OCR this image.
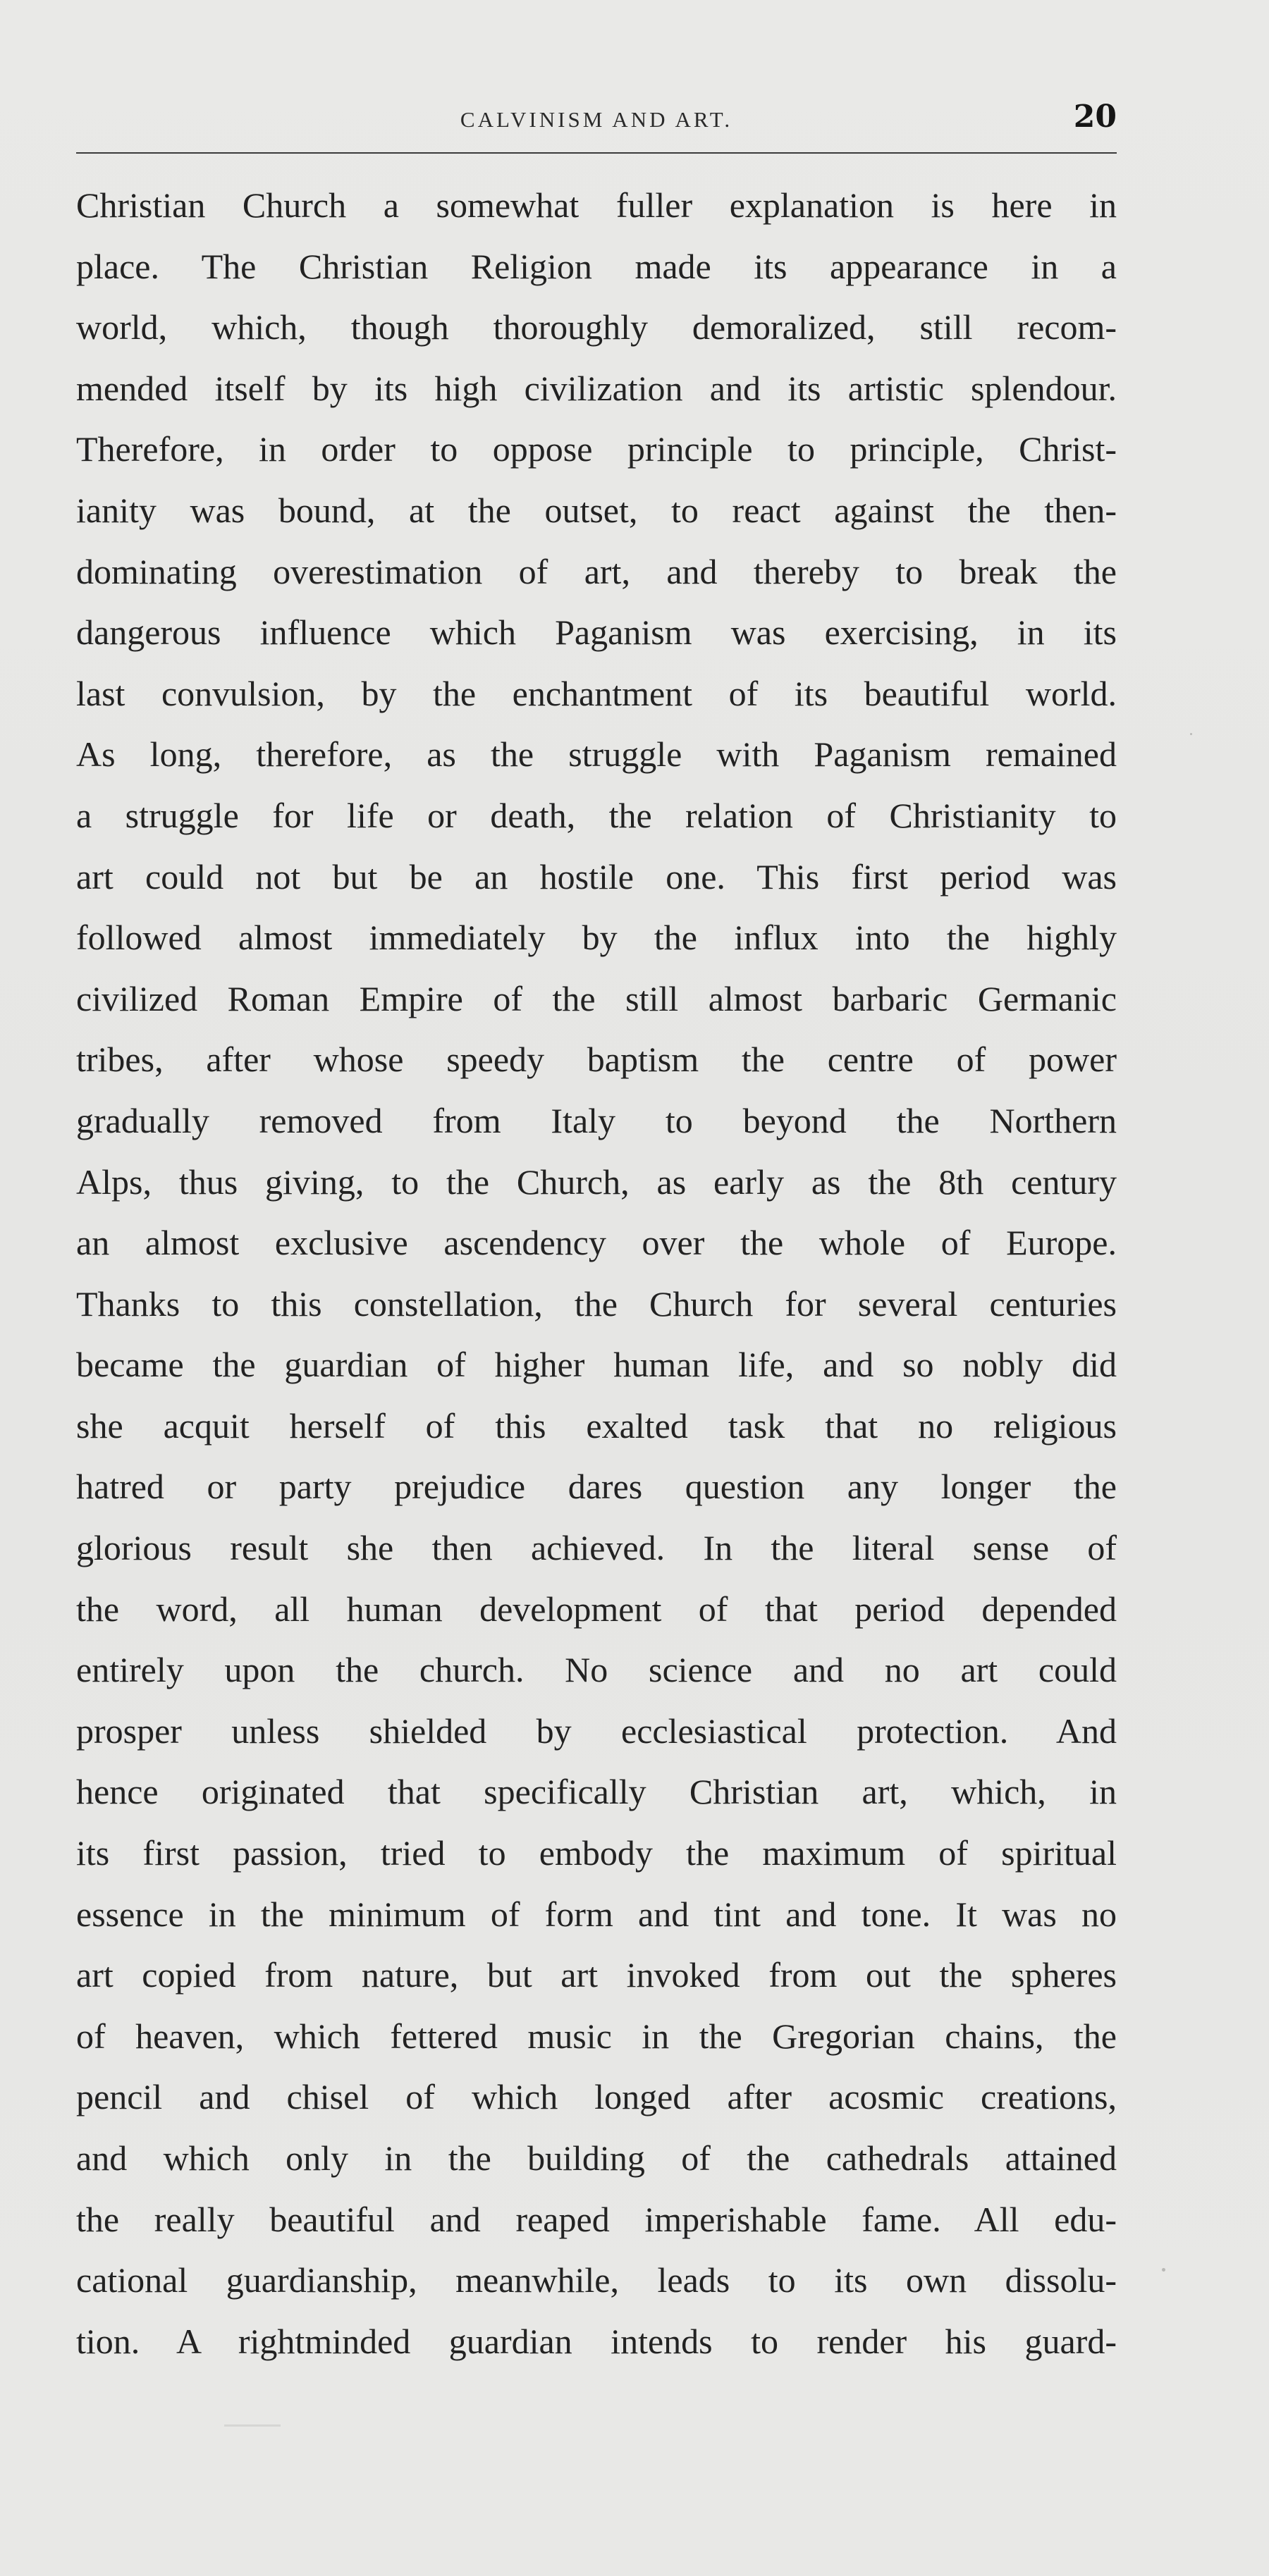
CALVINISM AND ART.	20
Christian Church a somewhat fuller explanation is here in
place. The Christian Religion made its appearance in a
world, which, though thoroughly demoralized, still recom-
mended itself by its high civilization and its artistic splendour.
Therefore, in order to oppose principle to principle, Christ-
ianity was bound, at the outset, to react against the then-
dominating overestimation of art, and thereby to break the
dangerous influence which Paganism was exercising, in its
last convulsion, by the enchantment of its beautiful world.
As long, therefore, as the struggle with Paganism remained
a struggle for life or death, the relation of Christianity to
art could not but be an hostile one. This first period was
followed almost immediately by the influx into the highly
civilized Roman Empire of the still almost barbaric Germanic
tribes, after whose speedy baptism the centre of power
gradually removed from Italy to beyond the Northern
Alps, thus giving, to the Church, as early as the 8th century
an almost exclusive ascendency over the whole of Europe.
Thanks to this constellation, the Church for several centuries
became the guardian of higher human life, and so nobly did
she acquit herself of this exalted task that no religious
hatred or party prejudice dares question any longer the
glorious result she then achieved. In the literal sense of
the word, all human development of that period depended
entirely upon the church. No science and no art could
prosper unless shielded by ecclesiastical protection. And
hence originated that specifically Christian art, which, in
its first passion, tried to embody the maximum of spiritual
essence in the minimum of form and tint and tone. It was no
art copied from nature, but art invoked from out the spheres
of heaven, which fettered music in the Gregorian chains, the
pencil and chisel of which longed after acosmic creations,
and which only in the building of the cathedrals attained
the really beautiful and reaped imperishable fame. All edu-
cational guardianship, meanwhile, leads to its own dissolu-
tion. A rightminded guardian intends to render his guard-
